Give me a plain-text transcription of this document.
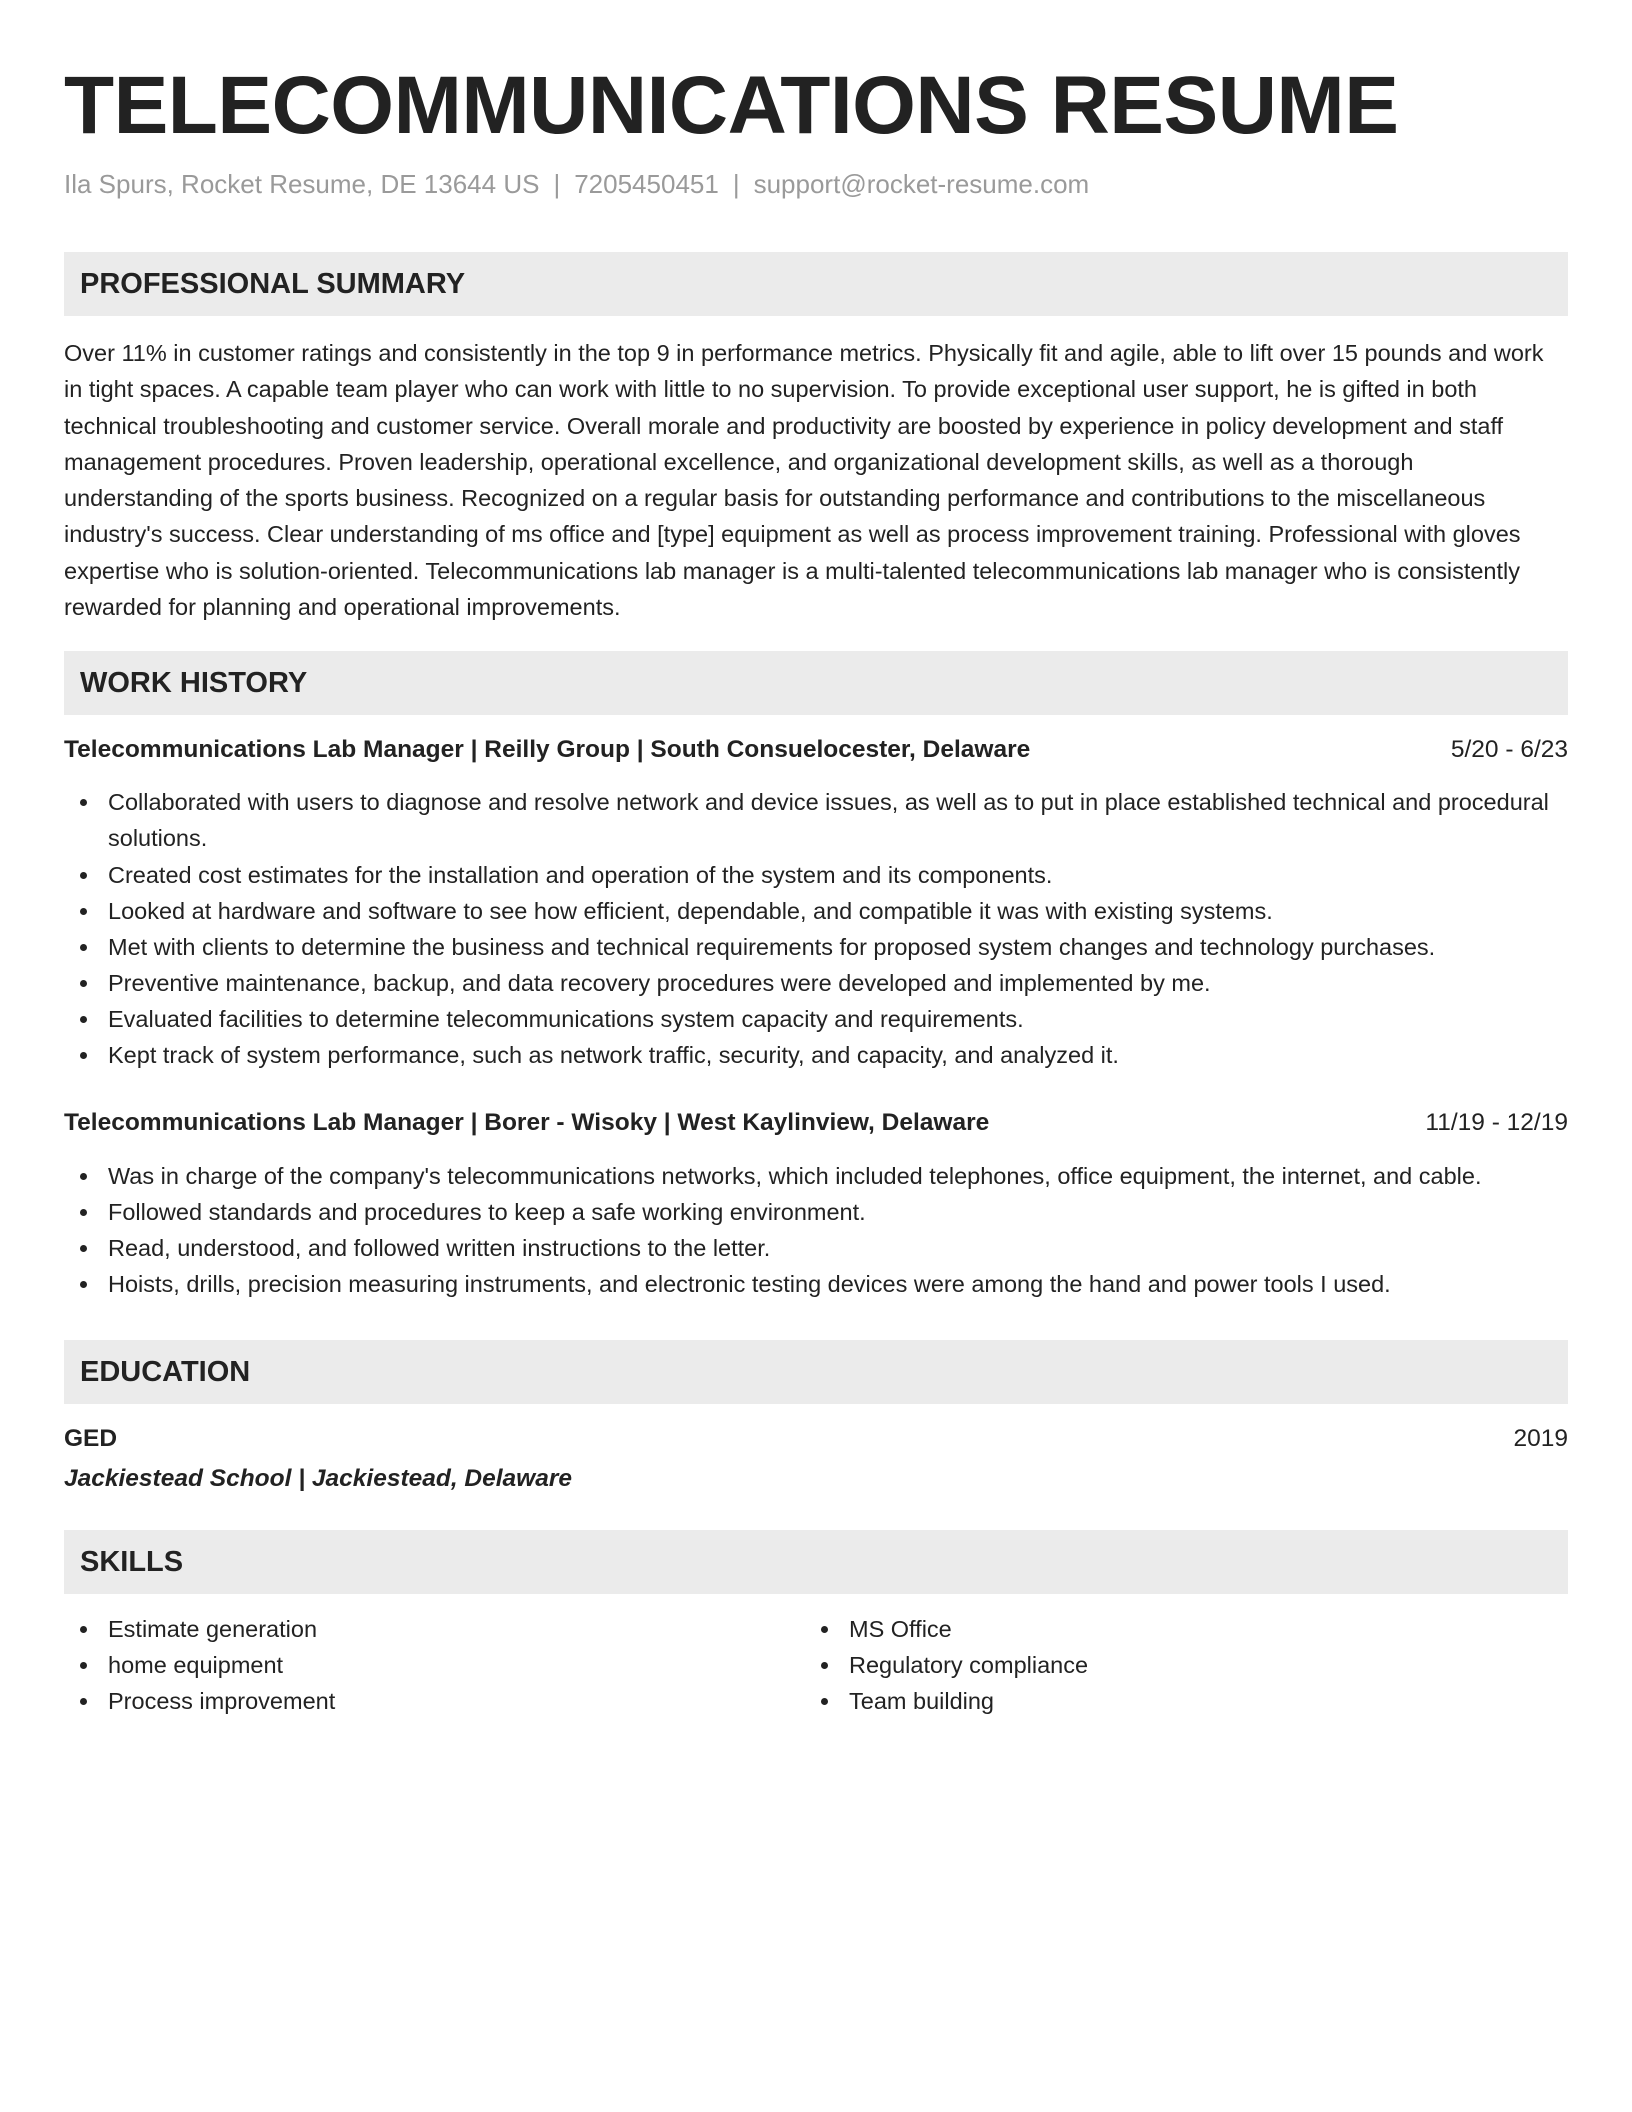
TELECOMMUNICATIONS RESUME
Ila Spurs, Rocket Resume, DE 13644 US | 7205450451 | support@rocket-resume.com
PROFESSIONAL SUMMARY

Over 11% in customer ratings and consistently in the top 9 in performance metrics. Physically fit and agile, able to lift over 15 pounds and work in tight spaces. A capable team player who can work with little to no supervision. To provide exceptional user support, he is gifted in both technical troubleshooting and customer service. Overall morale and productivity are boosted by experience in policy development and staff management procedures. Proven leadership, operational excellence, and organizational development skills, as well as a thorough understanding of the sports business. Recognized on a regular basis for outstanding performance and contributions to the miscellaneous industry's success. Clear understanding of ms office and [type] equipment as well as process improvement training. Professional with gloves expertise who is solution-oriented. Telecommunications lab manager is a multi-talented telecommunications lab manager who is consistently rewarded for planning and operational improvements.

WORK HISTORY
Telecommunications Lab Manager | Reilly Group | South Consuelocester, Delaware	5/20 - 6/23
Collaborated with users to diagnose and resolve network and device issues, as well as to put in place established technical and procedural solutions.
Created cost estimates for the installation and operation of the system and its components.
Looked at hardware and software to see how efficient, dependable, and compatible it was with existing systems.
Met with clients to determine the business and technical requirements for proposed system changes and technology purchases.
Preventive maintenance, backup, and data recovery procedures were developed and implemented by me.
Evaluated facilities to determine telecommunications system capacity and requirements.
Kept track of system performance, such as network traffic, security, and capacity, and analyzed it.
Telecommunications Lab Manager | Borer - Wisoky | West Kaylinview, Delaware	11/19 - 12/19
Was in charge of the company's telecommunications networks, which included telephones, office equipment, the internet, and cable.
Followed standards and procedures to keep a safe working environment.
Read, understood, and followed written instructions to the letter.
Hoists, drills, precision measuring instruments, and electronic testing devices were among the hand and power tools I used.
EDUCATION
GED	2019
Jackiestead School | Jackiestead, Delaware
SKILLS
Estimate generation
home equipment
Process improvement
MS Office
Regulatory compliance
Team building
